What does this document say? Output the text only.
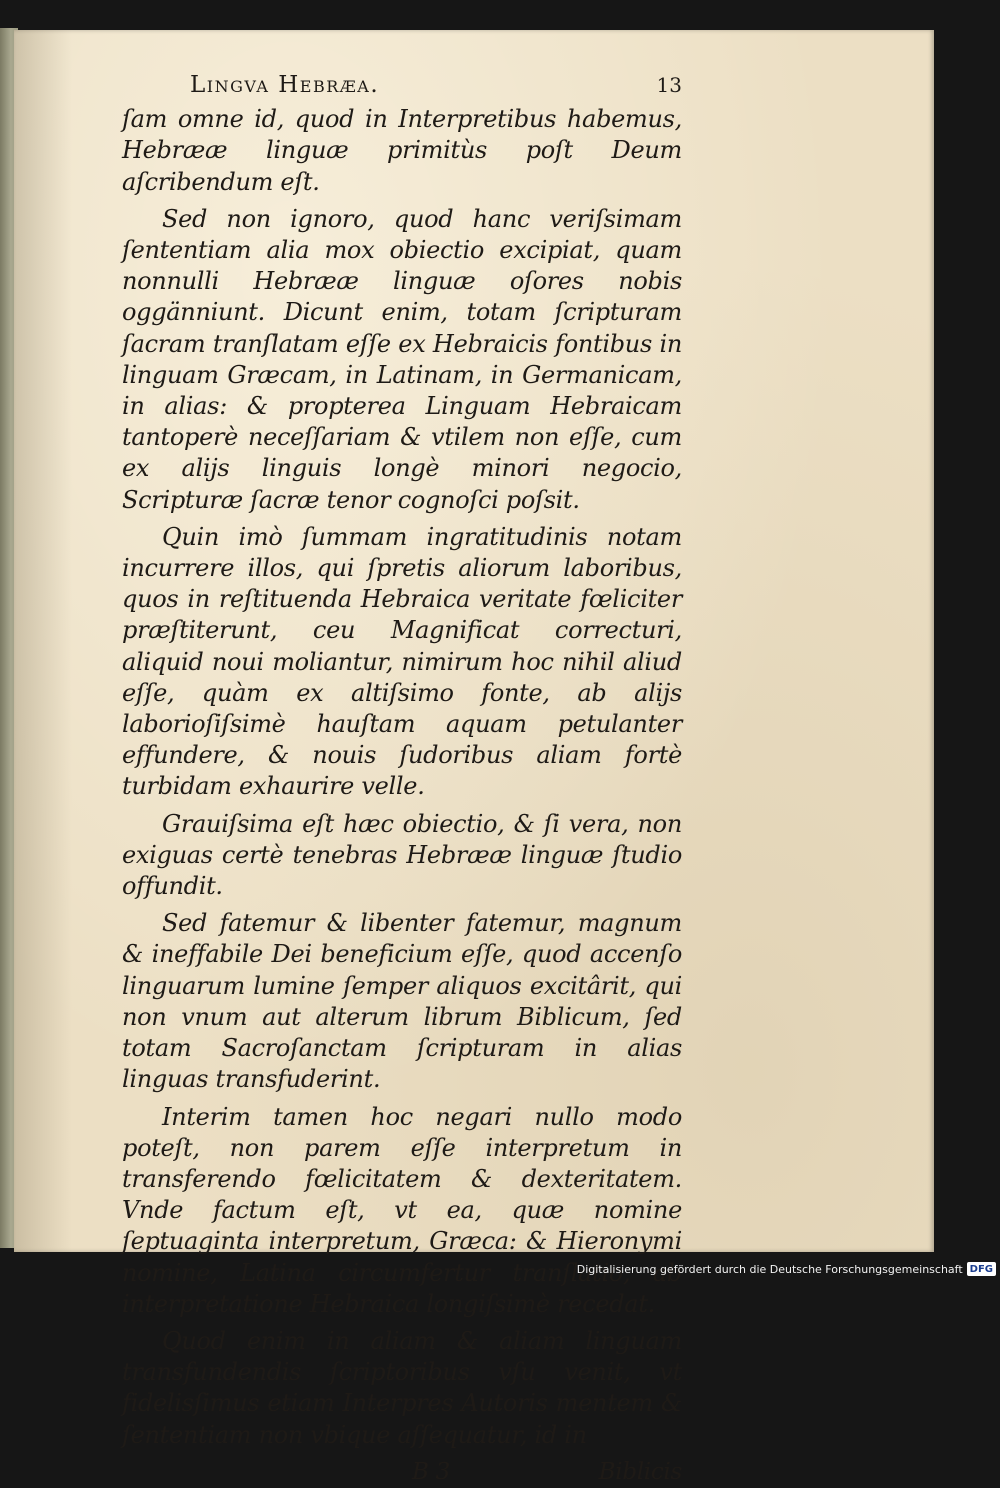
Lingva Hebræa.	13

ſam omne id, quod in Interpretibus habemus, Hebrææ linguæ primitùs poſt Deum aſcribendum eſt.

Sed non ignoro, quod hanc veriſsimam ſententiam alia mox obiectio excipiat, quam nonnulli Hebrææ linguæ oſores nobis oggänniunt. Dicunt enim, totam ſcripturam ſacram tranſlatam eſſe ex Hebraicis fontibus in linguam Græcam, in Latinam, in Germanicam, in alias: & propterea Linguam Hebraicam tantoperè neceſſariam & vtilem non eſſe, cum ex alijs linguis longè minori negocio, Scripturæ ſacræ tenor cognoſci poſsit.

Quin imò ſummam ingratitudinis notam incurrere illos, qui ſpretis aliorum laboribus, quos in reſtituenda Hebraica veritate fœliciter præſtiterunt, ceu Magnificat correcturi, aliquid noui moliantur, nimirum hoc nihil aliud eſſe, quàm ex altiſsimo fonte, ab alijs laborioſiſsimè hauſtam aquam petulanter effundere, & nouis ſudoribus aliam fortè turbidam exhaurire velle.

Grauiſsima eſt hæc obiectio, & ſi vera, non exiguas certè tenebras Hebrææ linguæ ſtudio offundit.

Sed fatemur & libenter fatemur, magnum & ineffabile Dei beneficium eſſe, quod accenſo linguarum lumine ſemper aliquos excitârit, qui non vnum aut alterum librum Biblicum, ſed totam Sacroſanctam ſcripturam in alias linguas transfuderint.

Interim tamen hoc negari nullo modo poteſt, non parem eſſe interpretum in transferendo fœlicitatem & dexteritatem. Vnde factum eſt, vt ea, quæ nomine ſeptuaginta interpretum, Græca: & Hieronymi nomine, Latina circumfertur tranſlatio, ab interpretatione Hebraica longiſsimè recedat.

Quod enim in aliam & aliam linguam transfundendis ſcriptoribus vſu venit, vt fidelisſimus etiam Interpres Autoris mentem & ſententiam non vbique aſſequatur, id in

B 3	Biblicis
Digitalisierung gefördert durch die Deutsche Forschungsgemeinschaft DFG
